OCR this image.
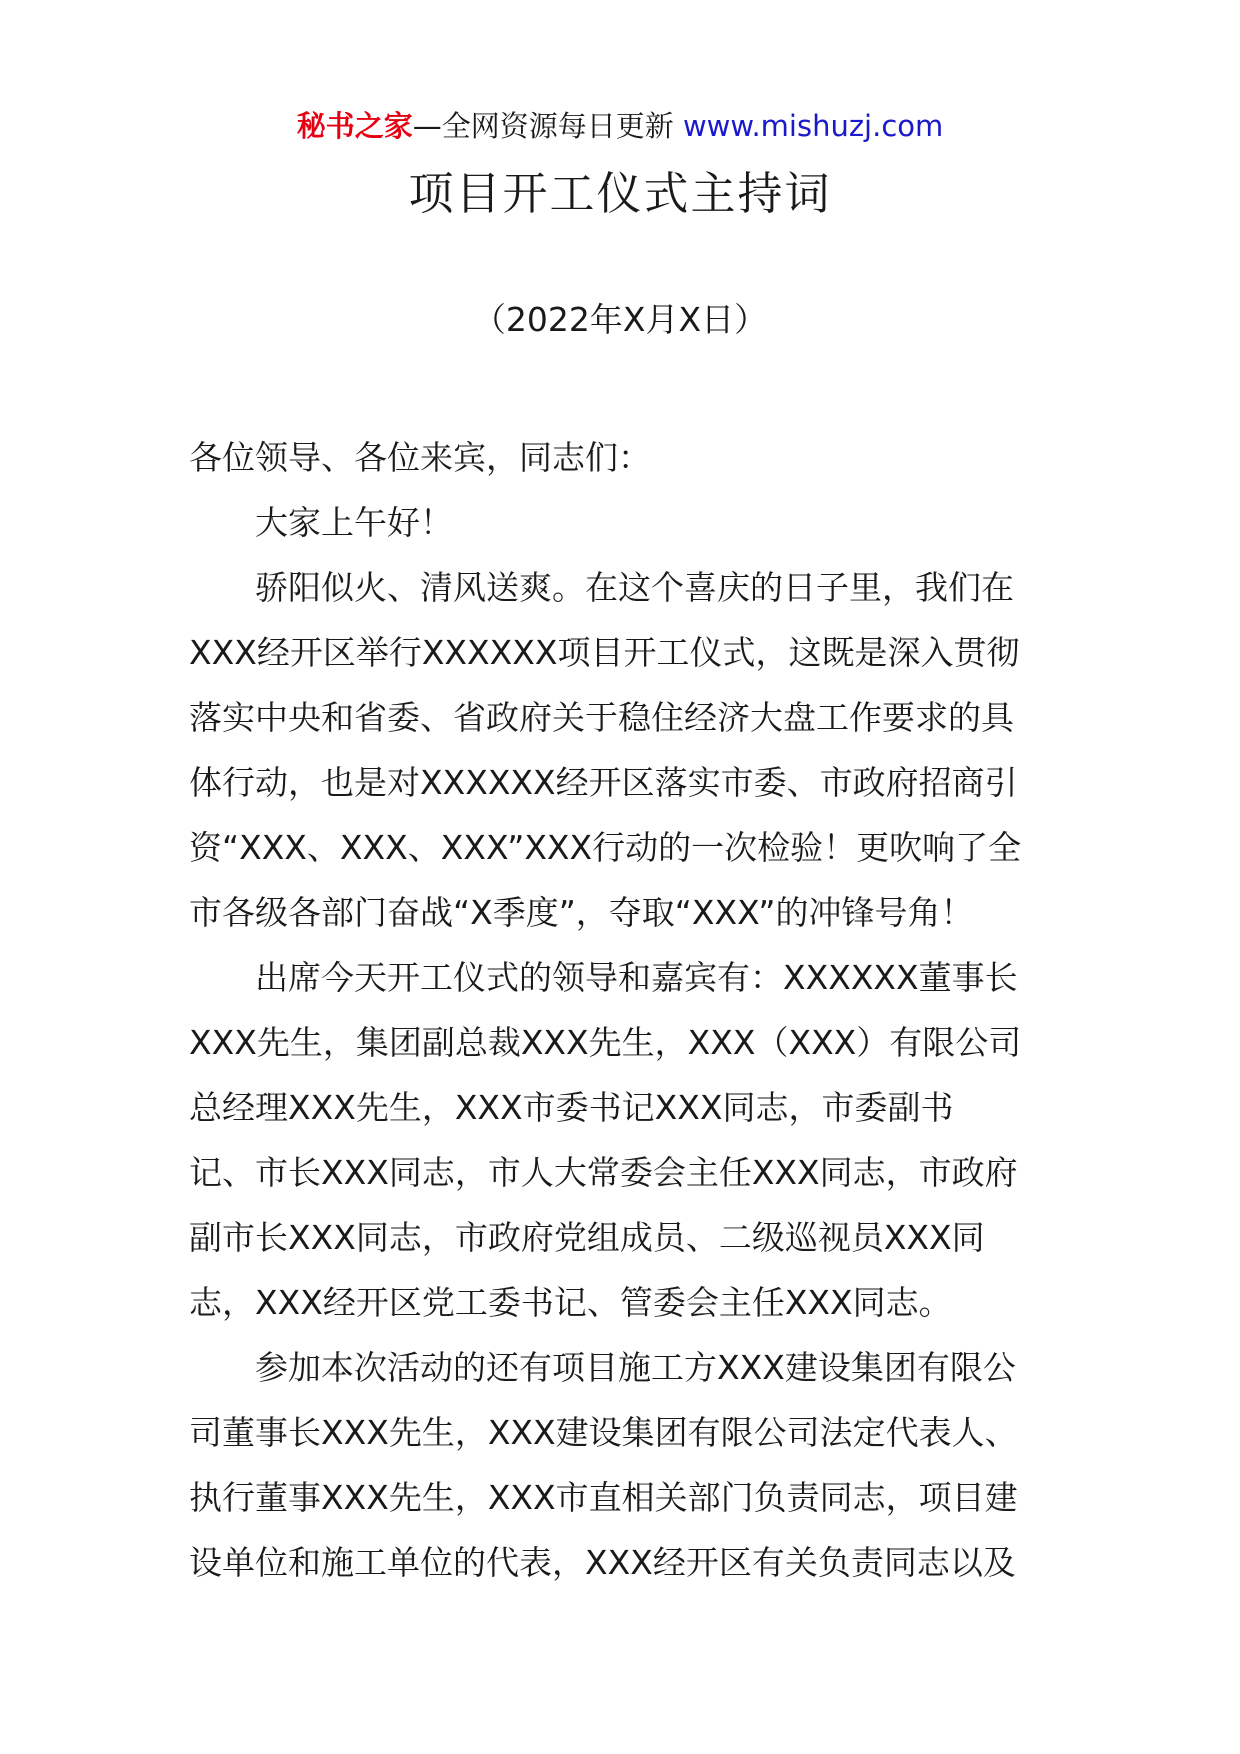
秘书之家—全网资源每日更新 www.mishuzj.com
项目开工仪式主持词
（2022年X月X日）

各位领导、各位来宾，同志们：

大家上午好！

骄阳似火、清风送爽。在这个喜庆的日子里，我们在
XXX经开区举行XXXXXX项目开工仪式，这既是深入贯彻
落实中央和省委、省政府关于稳住经济大盘工作要求的具
体行动，也是对XXXXXX经开区落实市委、市政府招商引
资“XXX、XXX、XXX”XXX行动的一次检验！更吹响了全
市各级各部门奋战“X季度”，夺取“XXX”的冲锋号角！

出席今天开工仪式的领导和嘉宾有：XXXXXX董事长
XXX先生，集团副总裁XXX先生，XXX（XXX）有限公司
总经理XXX先生，XXX市委书记XXX同志，市委副书
记、市长XXX同志，市人大常委会主任XXX同志，市政府
副市长XXX同志，市政府党组成员、二级巡视员XXX同
志，XXX经开区党工委书记、管委会主任XXX同志。

参加本次活动的还有项目施工方XXX建设集团有限公
司董事长XXX先生，XXX建设集团有限公司法定代表人、
执行董事XXX先生，XXX市直相关部门负责同志，项目建
设单位和施工单位的代表，XXX经开区有关负责同志以及
